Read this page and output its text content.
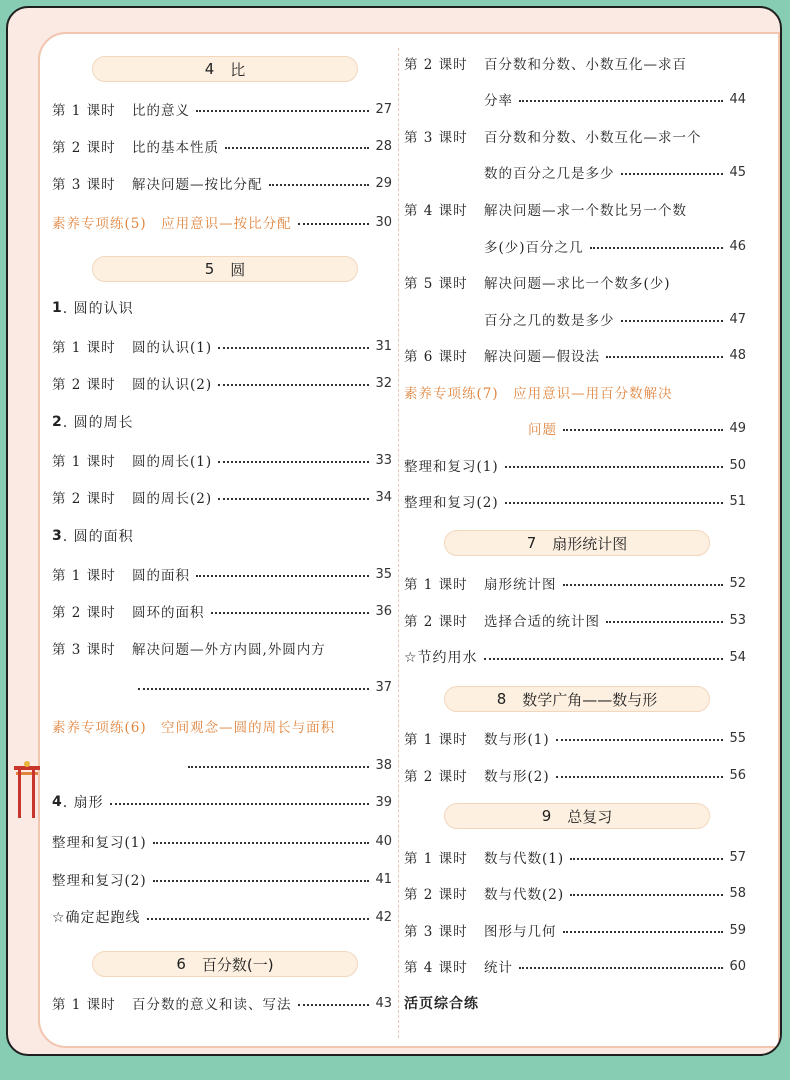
4 比
第 1 课时	比的意义	27
第 2 课时	比的基本性质	28
第 3 课时	解决问题—按比分配	29
素养专项练(5)　应用意识—按比分配	30
5 圆
1 . 圆的认识
第 1 课时	圆的认识(1)	31
第 2 课时	圆的认识(2)	32
2 . 圆的周长
第 1 课时	圆的周长(1)	33
第 2 课时	圆的周长(2)	34
3 . 圆的面积
第 1 课时	圆的面积	35
第 2 课时	圆环的面积	36
第 3 课时	解决问题—外方内圆,外圆内方
37
素养专项练(6)　空间观念—圆的周长与面积
38
4 . 扇形	39
整理和复习(1)	40
整理和复习(2)	41
☆确定起跑线	42
6 百分数(一)
第 1 课时	百分数的意义和读、写法	43
第 2 课时	百分数和分数、小数互化—求百
分率	44
第 3 课时	百分数和分数、小数互化—求一个
数的百分之几是多少	45
第 4 课时	解决问题—求一个数比另一个数
多(少)百分之几	46
第 5 课时	解决问题—求比一个数多(少)
百分之几的数是多少	47
第 6 课时	解决问题—假设法	48
素养专项练(7)　应用意识—用百分数解决
问题	49
整理和复习(1)	50
整理和复习(2)	51
7 扇形统计图
第 1 课时	扇形统计图	52
第 2 课时	选择合适的统计图	53
☆节约用水	54
8 数学广角——数与形
第 1 课时	数与形(1)	55
第 2 课时	数与形(2)	56
9 总复习
第 1 课时	数与代数(1)	57
第 2 课时	数与代数(2)	58
第 3 课时	图形与几何	59
第 4 课时	统计	60
活页综合练
